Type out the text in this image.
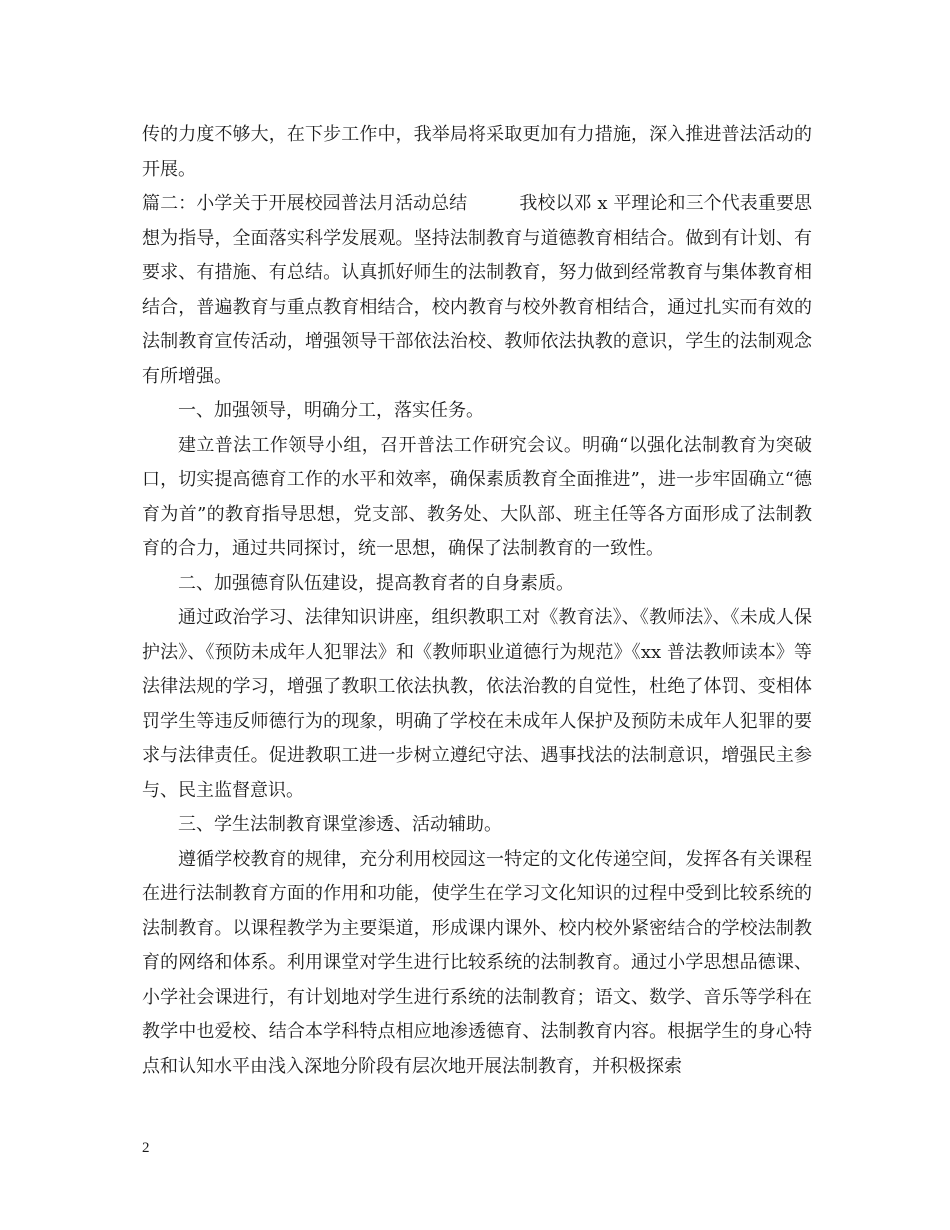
传的力度不够大，在下步工作中，我举局将采取更加有力措施，深入推进普法活动的开展。

篇二：小学关于开展校园普法月活动总结	我校以邓 x 平理论和三个代表重要思想为指导，全面落实科学发展观。坚持法制教育与道德教育相结合。做到有计划、有要求、有措施、有总结。认真抓好师生的法制教育，努力做到经常教育与集体教育相结合，普遍教育与重点教育相结合，校内教育与校外教育相结合，通过扎实而有效的法制教育宣传活动，增强领导干部依法治校、教师依法执教的意识，学生的法制观念有所增强。

一、加强领导，明确分工，落实任务。

建立普法工作领导小组，召开普法工作研究会议。明确“以强化法制教育为突破口，切实提高德育工作的水平和效率，确保素质教育全面推进”，进一步牢固确立“德育为首”的教育指导思想，党支部、教务处、大队部、班主任等各方面形成了法制教育的合力，通过共同探讨，统一思想，确保了法制教育的一致性。

二、加强德育队伍建设，提高教育者的自身素质。

通过政治学习、法律知识讲座，组织教职工对《教育法》、《教师法》、《未成人保护法》、《预防未成年人犯罪法》和《教师职业道德行为规范》《xx 普法教师读本》等法律法规的学习，增强了教职工依法执教，依法治教的自觉性，杜绝了体罚、变相体罚学生等违反师德行为的现象，明确了学校在未成年人保护及预防未成年人犯罪的要求与法律责任。促进教职工进一步树立遵纪守法、遇事找法的法制意识，增强民主参与、民主监督意识。

三、学生法制教育课堂渗透、活动辅助。

遵循学校教育的规律，充分利用校园这一特定的文化传递空间，发挥各有关课程在进行法制教育方面的作用和功能，使学生在学习文化知识的过程中受到比较系统的法制教育。以课程教学为主要渠道，形成课内课外、校内校外紧密结合的学校法制教育的网络和体系。利用课堂对学生进行比较系统的法制教育。通过小学思想品德课、小学社会课进行，有计划地对学生进行系统的法制教育；语文、数学、音乐等学科在教学中也爱校、结合本学科特点相应地渗透德育、法制教育内容。根据学生的身心特点和认知水平由浅入深地分阶段有层次地开展法制教育，并积极探索

2
